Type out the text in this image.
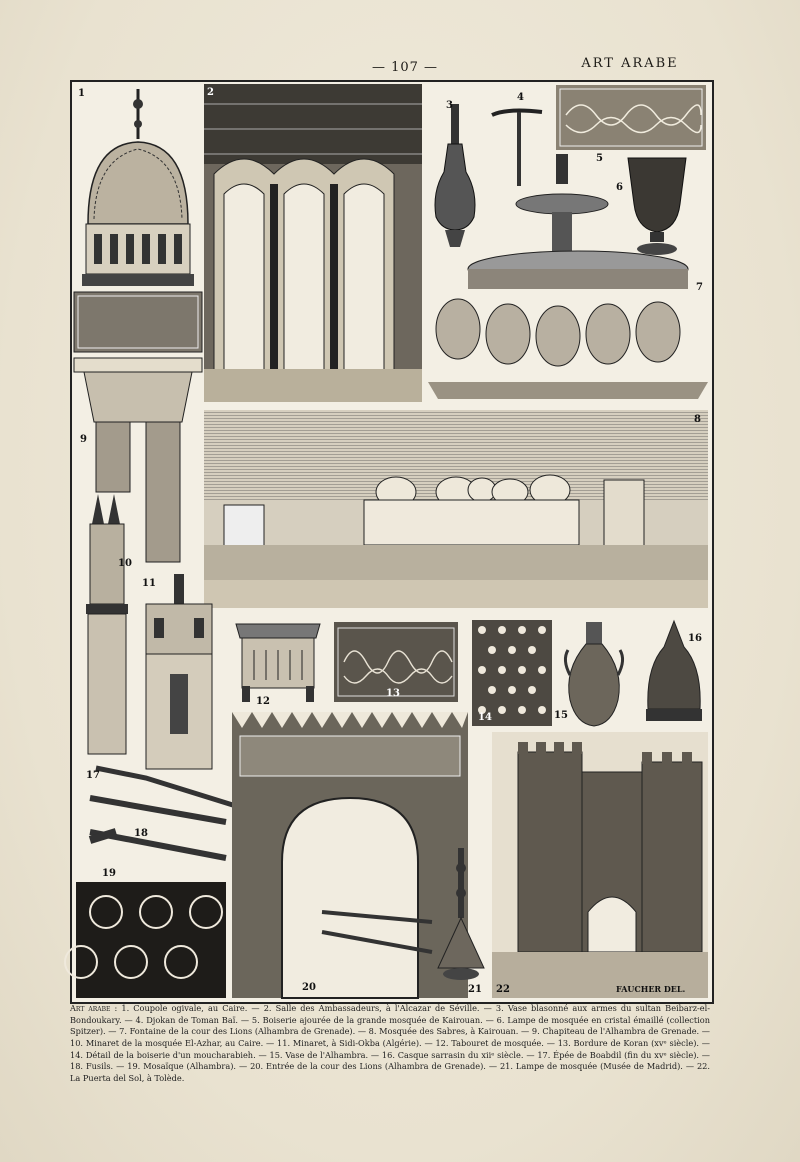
— 107 —	ART ARABE
1	2
3
4
5
6
7
8
9
10
11
12
13
14	15
16
17
18
19
20	21 22	FAUCHER DEL.
Art arabe : 1. Coupole ogivale, au Caire. — 2. Salle des Ambassadeurs, à l'Alcazar de Séville. — 3. Vase blasonné aux armes du sultan Beibarz-el-Bondoukary. — 4. Djokan de Toman Baï. — 5. Boiserie ajourée de la grande mosquée de Kairouan. — 6. Lampe de mosquée en cristal émaillé (collection Spitzer). — 7. Fontaine de la cour des Lions (Alhambra de Grenade). — 8. Mosquée des Sabres, à Kairouan. — 9. Chapiteau de l'Alhambra de Grenade. — 10. Minaret de la mosquée El-Azhar, au Caire. — 11. Minaret, à Sidi-Okba (Algérie). — 12. Tabouret de mosquée. — 13. Bordure de Koran (xvᵉ siècle). — 14. Détail de la boiserie d'un moucharabieh. — 15. Vase de l'Alhambra. — 16. Casque sarrasin du xiiᵉ siècle. — 17. Épée de Boabdil (fin du xvᵉ siècle). — 18. Fusils. — 19. Mosaïque (Alhambra). — 20. Entrée de la cour des Lions (Alhambra de Grenade). — 21. Lampe de mosquée (Musée de Madrid). — 22. La Puerta del Sol, à Tolède.
